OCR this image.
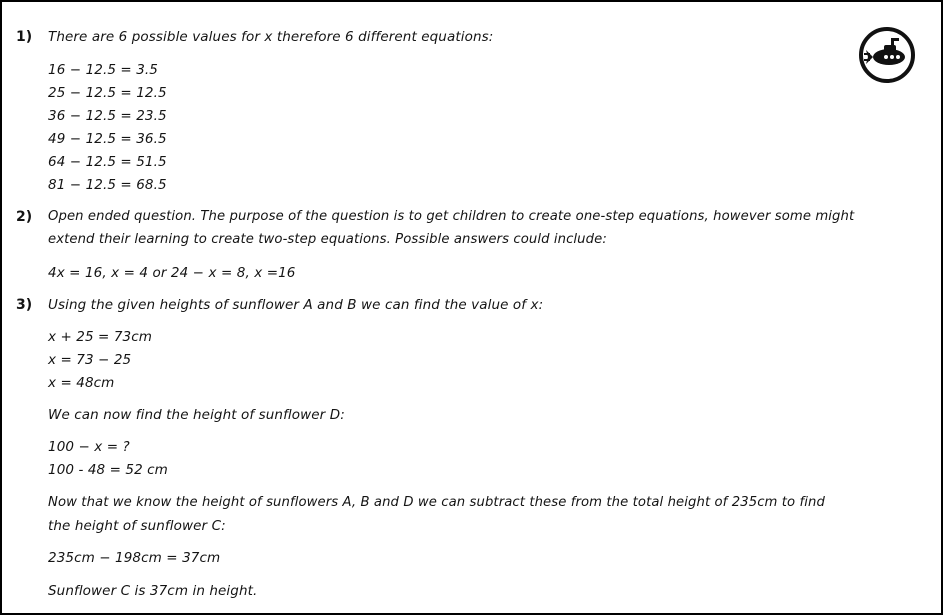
1) There are 6 possible values for x therefore 6 different equations:
16 − 12.5 = 3.5
25 − 12.5 = 12.5
36 − 12.5 = 23.5
49 − 12.5 = 36.5
64 − 12.5 = 51.5
81 − 12.5 = 68.5
2) Open ended question. The purpose of the question is to get children to create one-step equations, however some might
extend their learning to create two-step equations. Possible answers could include:
4x = 16, x = 4 or 24 − x = 8, x =16
3) Using the given heights of sunflower A and B we can find the value of x:
x + 25 = 73cm
x = 73 − 25
x = 48cm
We can now find the height of sunflower D:
100 − x = ?
100 - 48 = 52 cm
Now that we know the height of sunflowers A, B and D we can subtract these from the total height of 235cm to find
the height of sunflower C:
235cm − 198cm = 37cm
Sunflower C is 37cm in height.
